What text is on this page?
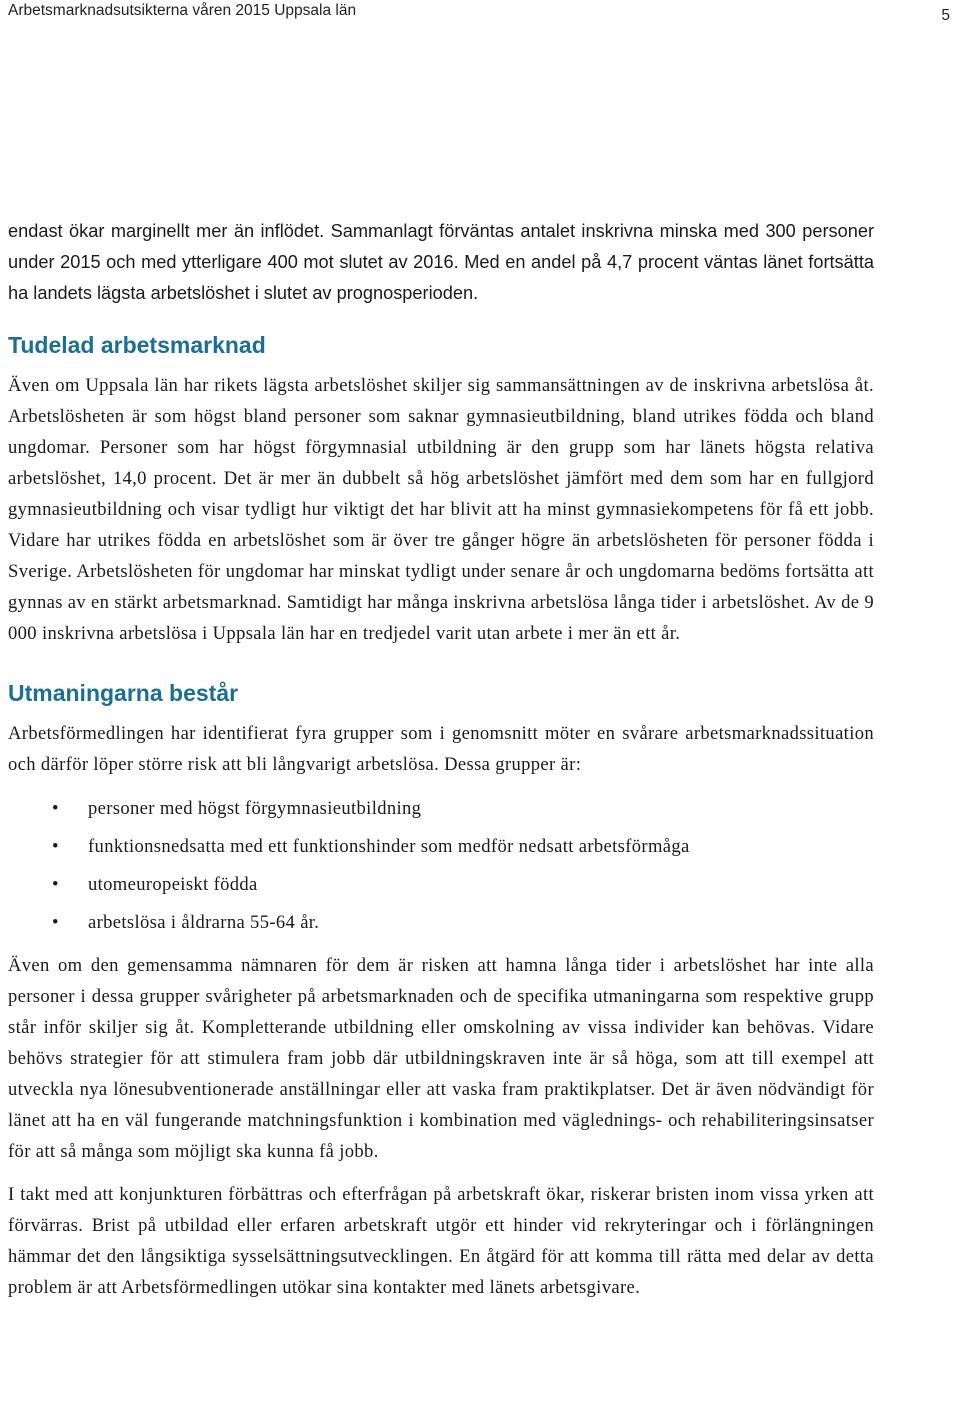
Arbetsmarknadsutsikterna våren 2015 Uppsala län	5

endast ökar marginellt mer än inflödet. Sammanlagt förväntas antalet inskrivna minska med 300 personer under 2015 och med ytterligare 400 mot slutet av 2016. Med en andel på 4,7 procent väntas länet fortsätta ha landets lägsta arbetslöshet i slutet av prognosperioden.

Tudelad arbetsmarknad

Även om Uppsala län har rikets lägsta arbetslöshet skiljer sig sammansättningen av de inskrivna arbetslösa åt. Arbetslösheten är som högst bland personer som saknar gymnasieutbildning, bland utrikes födda och bland ungdomar. Personer som har högst förgymnasial utbildning är den grupp som har länets högsta relativa arbetslöshet, 14,0 procent. Det är mer än dubbelt så hög arbetslöshet jämfört med dem som har en fullgjord gymnasieutbildning och visar tydligt hur viktigt det har blivit att ha minst gymnasiekompetens för få ett jobb. Vidare har utrikes födda en arbetslöshet som är över tre gånger högre än arbetslösheten för personer födda i Sverige. Arbetslösheten för ungdomar har minskat tydligt under senare år och ungdomarna bedöms fortsätta att gynnas av en stärkt arbetsmarknad. Samtidigt har många inskrivna arbetslösa långa tider i arbetslöshet. Av de 9 000 inskrivna arbetslösa i Uppsala län har en tredjedel varit utan arbete i mer än ett år.

Utmaningarna består

Arbetsförmedlingen har identifierat fyra grupper som i genomsnitt möter en svårare arbetsmarknadssituation och därför löper större risk att bli långvarigt arbetslösa. Dessa grupper är:

• personer med högst förgymnasieutbildning
• funktionsnedsatta med ett funktionshinder som medför nedsatt arbetsförmåga
• utomeuropeiskt födda
• arbetslösa i åldrarna 55-64 år.

Även om den gemensamma nämnaren för dem är risken att hamna långa tider i arbetslöshet har inte alla personer i dessa grupper svårigheter på arbetsmarknaden och de specifika utmaningarna som respektive grupp står inför skiljer sig åt. Kompletterande utbildning eller omskolning av vissa individer kan behövas. Vidare behövs strategier för att stimulera fram jobb där utbildningskraven inte är så höga, som att till exempel att utveckla nya lönesubventionerade anställningar eller att vaska fram praktikplatser. Det är även nödvändigt för länet att ha en väl fungerande matchningsfunktion i kombination med väglednings- och rehabiliteringsinsatser för att så många som möjligt ska kunna få jobb.

I takt med att konjunkturen förbättras och efterfrågan på arbetskraft ökar, riskerar bristen inom vissa yrken att förvärras. Brist på utbildad eller erfaren arbetskraft utgör ett hinder vid rekryteringar och i förlängningen hämmar det den långsiktiga sysselsättningsutvecklingen. En åtgärd för att komma till rätta med delar av detta problem är att Arbetsförmedlingen utökar sina kontakter med länets arbetsgivare.
